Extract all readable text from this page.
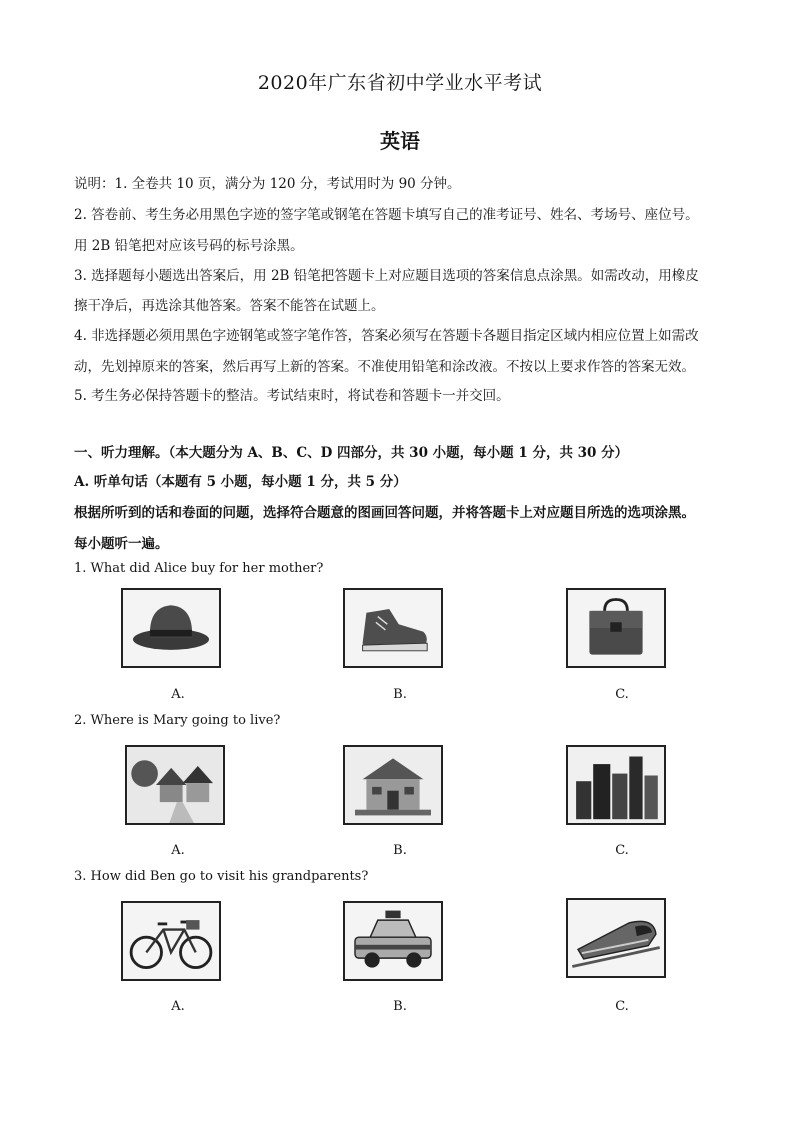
2020年广东省初中学业水平考试
英语
说明：1. 全卷共 10 页，满分为 120 分，考试用时为 90 分钟。
2. 答卷前、考生务必用黑色字迹的签字笔或钢笔在答题卡填写自己的准考证号、姓名、考场号、座位号。
用 2B 铅笔把对应该号码的标号涂黑。
3. 选择题每小题选出答案后，用 2B 铅笔把答题卡上对应题目选项的答案信息点涂黑。如需改动，用橡皮
擦干净后，再选涂其他答案。答案不能答在试题上。
4. 非选择题必须用黑色字迹钢笔或签字笔作答，答案必须写在答题卡各题目指定区域内相应位置上如需改
动，先划掉原来的答案，然后再写上新的答案。不准使用铅笔和涂改液。不按以上要求作答的答案无效。
5. 考生务必保持答题卡的整洁。考试结束时，将试卷和答题卡一并交回。
一、听力理解。（本大题分为 A、B、C、D 四部分，共 30 小题，每小题 1 分，共 30 分）
A. 听单句话（本题有 5 小题，每小题 1 分，共 5 分）
根据所听到的话和卷面的问题，选择符合题意的图画回答问题，并将答题卡上对应题目所选的选项涂黑。
每小题听一遍。
1. What did Alice buy for her mother?
A.	B.	C.
2. Where is Mary going to live?
A.	B.	C.
3. How did Ben go to visit his grandparents?
A.	B.	C.
